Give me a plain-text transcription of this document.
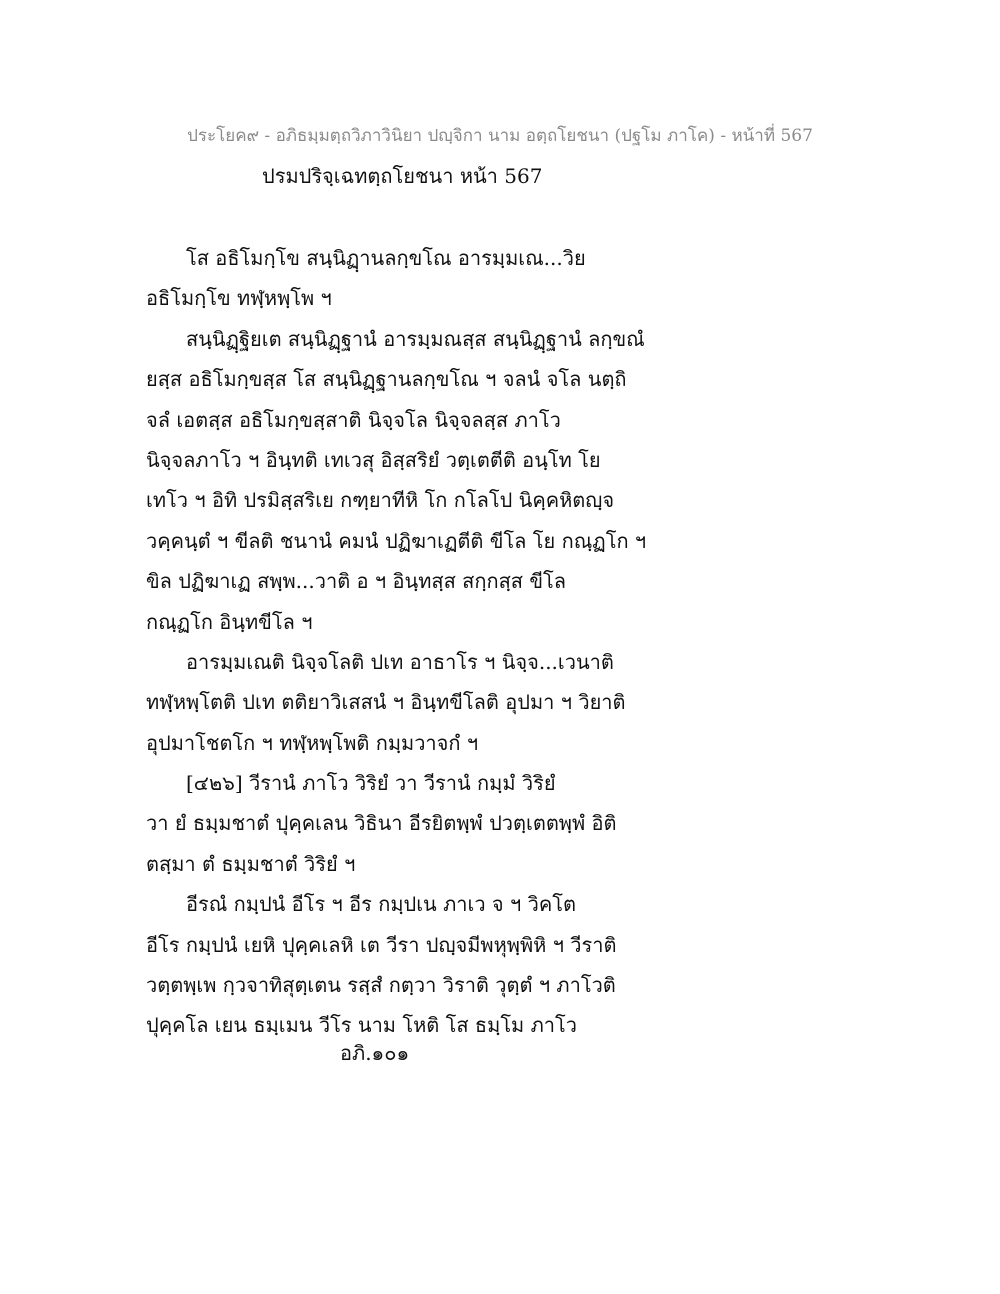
ประโยค๙ - อภิธมฺมตฺถวิภาวินิยา ปญฺจิกา นาม อตฺถโยชนา (ปฐโม ภาโค) - หน้าที่ 567
ปรมปริจฺเฉทตฺถโยชนา หน้า 567
โส อธิโมกฺโข สนฺนิฏฺานลกฺขโณ อารมฺมเณ...วิย
อธิโมกฺโข ทฬฺหพฺโพ ฯ
สนฺนิฏฺฐิยเต สนฺนิฏฺฐานํ อารมฺมณสฺส สนฺนิฏฺฐานํ ลกฺขณํ
ยสฺส อธิโมกฺขสฺส โส สนฺนิฏฺฐานลกฺขโณ ฯ จลนํ จโล นตฺถิ
จลํ เอตสฺส อธิโมกฺขสฺสาติ นิจฺจโล นิจฺจลสฺส ภาโว
นิจฺจลภาโว ฯ อินฺทติ เทเวสุ อิสฺสริยํ วตฺเตตีติ อนฺโท โย
เทโว ฯ อิทิ ปรมิสฺสริเย กฑฺยาทีหิ โก กโลโป นิคฺคหิตญฺจ
วคฺคนฺตํ ฯ ขีลติ ชนานํ คมนํ ปฏิฆาเฏตีติ ขีโล โย กณฺฏโก ฯ
ขิล ปฏิฆาเฏ สพฺพ...วาติ อ ฯ อินฺทสฺส สกฺกสฺส ขีโล
กณฺฏโก อินฺทขีโล ฯ
อารมฺมเณติ นิจฺจโลติ ปเท อาธาโร ฯ นิจฺจ...เวนาติ
ทฬฺหพฺโตติ ปเท ตติยาวิเสสนํ ฯ อินฺทขีโลติ อุปมา ฯ วิยาติ
อุปมาโชตโก ฯ ทฬฺหพฺโพติ กมฺมวาจกํ ฯ
[๔๒๖] วีรานํ ภาโว วิริยํ วา วีรานํ กมฺมํ วิริยํ
วา ยํ ธมฺมชาตํ ปุคฺคเลน วิธินา อีรยิตพฺพํ ปวตฺเตตพฺพํ อิติ
ตสฺมา ตํ ธมฺมชาตํ วิริยํ ฯ
อีรณํ กมฺปนํ อีโร ฯ อีร กมฺปเน ภาเว จ ฯ วิคโต
อีโร กมฺปนํ เยหิ ปุคฺคเลหิ เต วีรา ปญฺจมีพหุพฺพิหิ ฯ วีราติ
วตฺตพฺเพ กฺวจาทิสุตฺเตน รสฺสํ กตฺวา วิราติ วุตฺตํ ฯ ภาโวติ
ปุคฺคโล เยน ธมฺเมน วีโร นาม โหติ โส ธมฺโม ภาโว
อภิ.๑๐๑
